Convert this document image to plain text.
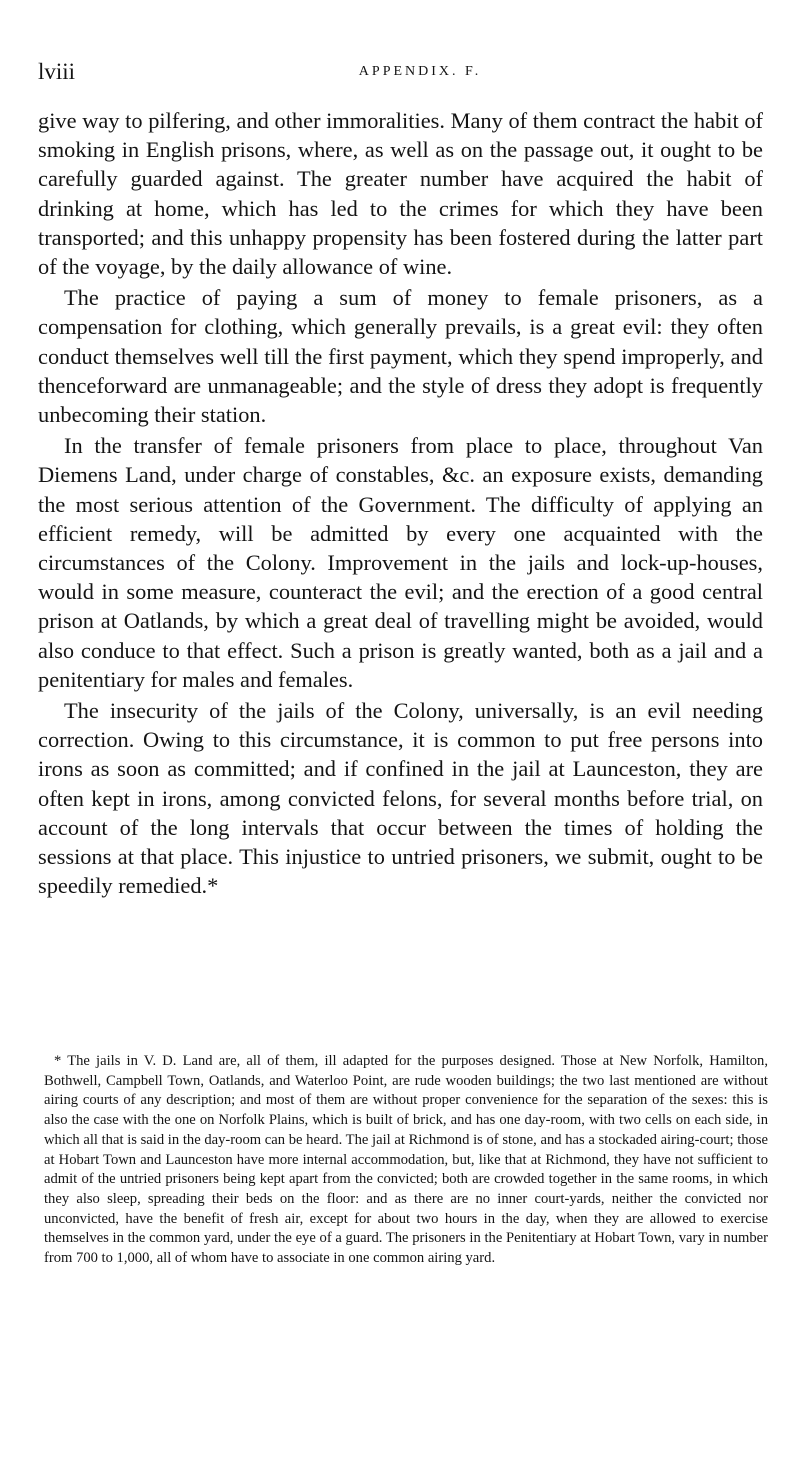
lviii	APPENDIX. F.

give way to pilfering, and other immoralities. Many of them contract the habit of smoking in English prisons, where, as well as on the passage out, it ought to be carefully guarded against. The greater number have acquired the habit of drinking at home, which has led to the crimes for which they have been transported; and this unhappy propensity has been fostered during the latter part of the voyage, by the daily allowance of wine.

The practice of paying a sum of money to female prisoners, as a compensation for clothing, which generally prevails, is a great evil: they often conduct themselves well till the first payment, which they spend improperly, and thenceforward are unmanageable; and the style of dress they adopt is frequently unbecoming their station.

In the transfer of female prisoners from place to place, throughout Van Diemens Land, under charge of constables, &c. an exposure exists, demanding the most serious attention of the Government. The difficulty of applying an efficient remedy, will be admitted by every one acquainted with the circumstances of the Colony. Improvement in the jails and lock-up-houses, would in some measure, counteract the evil; and the erection of a good central prison at Oatlands, by which a great deal of travelling might be avoided, would also conduce to that effect. Such a prison is greatly wanted, both as a jail and a penitentiary for males and females.

The insecurity of the jails of the Colony, universally, is an evil needing correction. Owing to this circumstance, it is common to put free persons into irons as soon as committed; and if confined in the jail at Launceston, they are often kept in irons, among convicted felons, for several months before trial, on account of the long intervals that occur between the times of holding the sessions at that place. This injustice to untried prisoners, we submit, ought to be speedily remedied.*

* The jails in V. D. Land are, all of them, ill adapted for the purposes designed. Those at New Norfolk, Hamilton, Bothwell, Campbell Town, Oatlands, and Waterloo Point, are rude wooden buildings; the two last mentioned are without airing courts of any description; and most of them are without proper convenience for the separation of the sexes: this is also the case with the one on Norfolk Plains, which is built of brick, and has one day-room, with two cells on each side, in which all that is said in the day-room can be heard. The jail at Richmond is of stone, and has a stockaded airing-court; those at Hobart Town and Launceston have more internal accommodation, but, like that at Richmond, they have not sufficient to admit of the untried prisoners being kept apart from the convicted; both are crowded together in the same rooms, in which they also sleep, spreading their beds on the floor: and as there are no inner court-yards, neither the convicted nor unconvicted, have the benefit of fresh air, except for about two hours in the day, when they are allowed to exercise themselves in the common yard, under the eye of a guard. The prisoners in the Penitentiary at Hobart Town, vary in number from 700 to 1,000, all of whom have to associate in one common airing yard.
